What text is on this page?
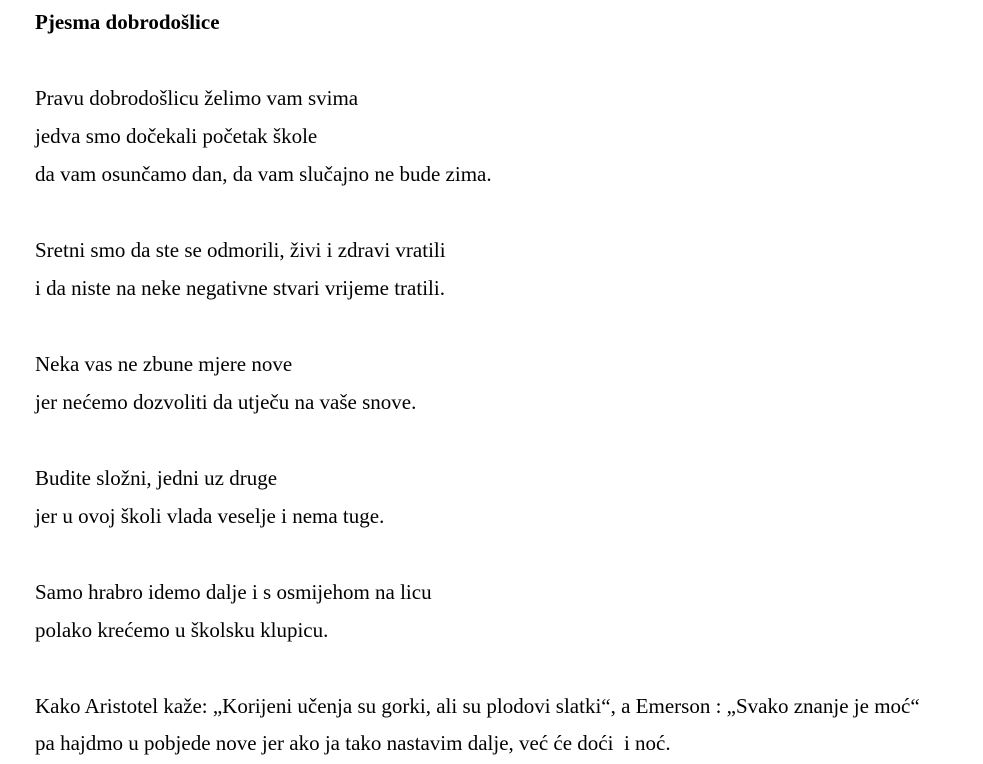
Pjesma dobrodošlice
Pravu dobrodošlicu želimo vam svima
jedva smo dočekali početak škole
da vam osunčamo dan, da vam slučajno ne bude zima.
Sretni smo da ste se odmorili, živi i zdravi vratili
i da niste na neke negativne stvari vrijeme tratili.
Neka vas ne zbune mjere nove
jer nećemo dozvoliti da utječu na vaše snove.
Budite složni, jedni uz druge
jer u ovoj školi vlada veselje i nema tuge.
Samo hrabro idemo dalje i s osmijehom na licu
polako krećemo u školsku klupicu.
Kako Aristotel kaže: „Korijeni učenja su gorki, ali su plodovi slatki“, a Emerson : „Svako znanje je moć“
pa hajdmo u pobjede nove jer ako ja tako nastavim dalje, već će doći  i noć.
